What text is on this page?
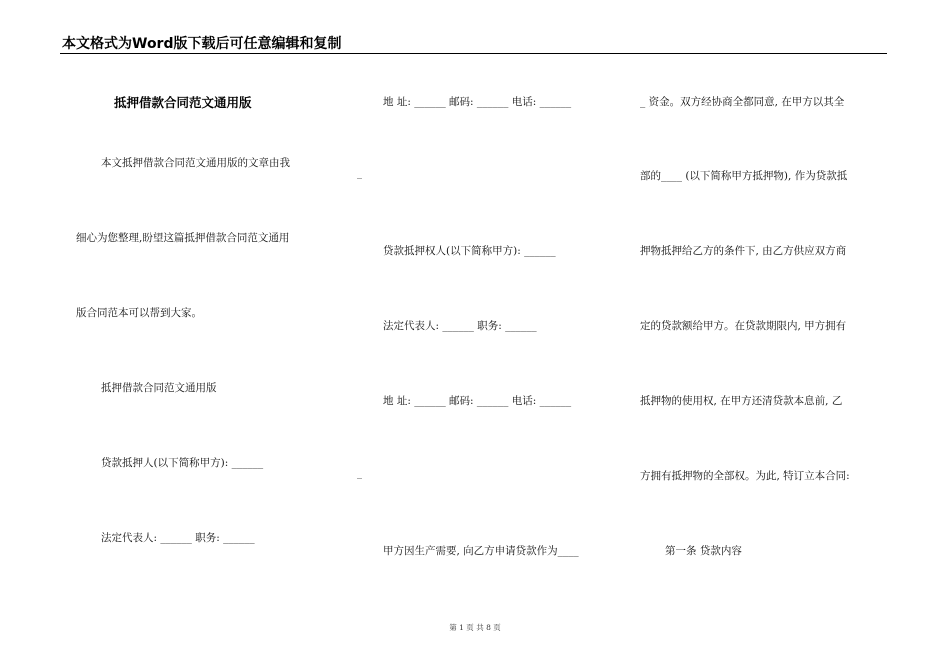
本文格式为Word版下载后可任意编辑和复制
抵押借款合同范文通用版
本文抵押借款合同范文通用版的文章由我
细心为您整理,盼望这篇抵押借款合同范文通用
版合同范本可以帮到大家。
抵押借款合同范文通用版
贷款抵押人(以下简称甲方): ______
法定代表人: ______ 职务: ______
_
_
地 址: ______ 邮码: ______ 电话: ______
贷款抵押权人(以下简称甲方): ______
法定代表人: ______ 职务: ______
地 址: ______ 邮码: ______ 电话: ______
甲方因生产需要, 向乙方申请贷款作为____
_ 资金。双方经协商全都同意, 在甲方以其全
部的____ (以下简称甲方抵押物), 作为贷款抵
押物抵押给乙方的条件下, 由乙方供应双方商
定的贷款额给甲方。在贷款期限内, 甲方拥有
抵押物的使用权, 在甲方还清贷款本息前, 乙
方拥有抵押物的全部权。为此, 特订立本合同:
第一条 贷款内容
第 1 页 共 8 页
